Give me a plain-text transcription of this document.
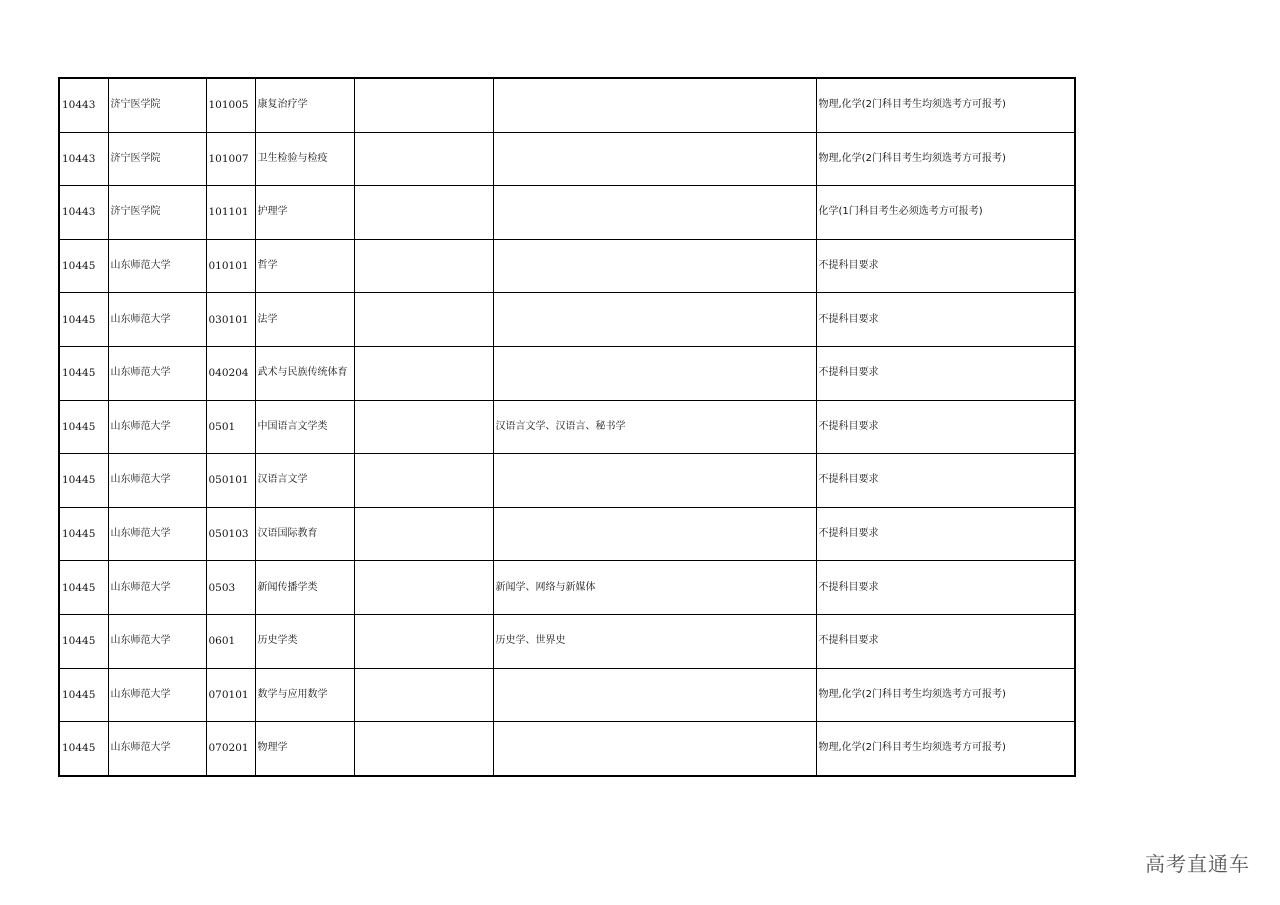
10443	济宁医学院	101005	康复治疗学			物理,化学(2门科目考生均须选考方可报考)
10443	济宁医学院	101007	卫生检验与检疫			物理,化学(2门科目考生均须选考方可报考)
10443	济宁医学院	101101	护理学			化学(1门科目考生必须选考方可报考)
10445	山东师范大学	010101	哲学			不提科目要求
10445	山东师范大学	030101	法学			不提科目要求
10445	山东师范大学	040204	武术与民族传统体育			不提科目要求
10445	山东师范大学	0501	中国语言文学类		汉语言文学、汉语言、秘书学	不提科目要求
10445	山东师范大学	050101	汉语言文学			不提科目要求
10445	山东师范大学	050103	汉语国际教育			不提科目要求
10445	山东师范大学	0503	新闻传播学类		新闻学、网络与新媒体	不提科目要求
10445	山东师范大学	0601	历史学类		历史学、世界史	不提科目要求
10445	山东师范大学	070101	数学与应用数学			物理,化学(2门科目考生均须选考方可报考)
10445	山东师范大学	070201	物理学			物理,化学(2门科目考生均须选考方可报考)
高考直通车
